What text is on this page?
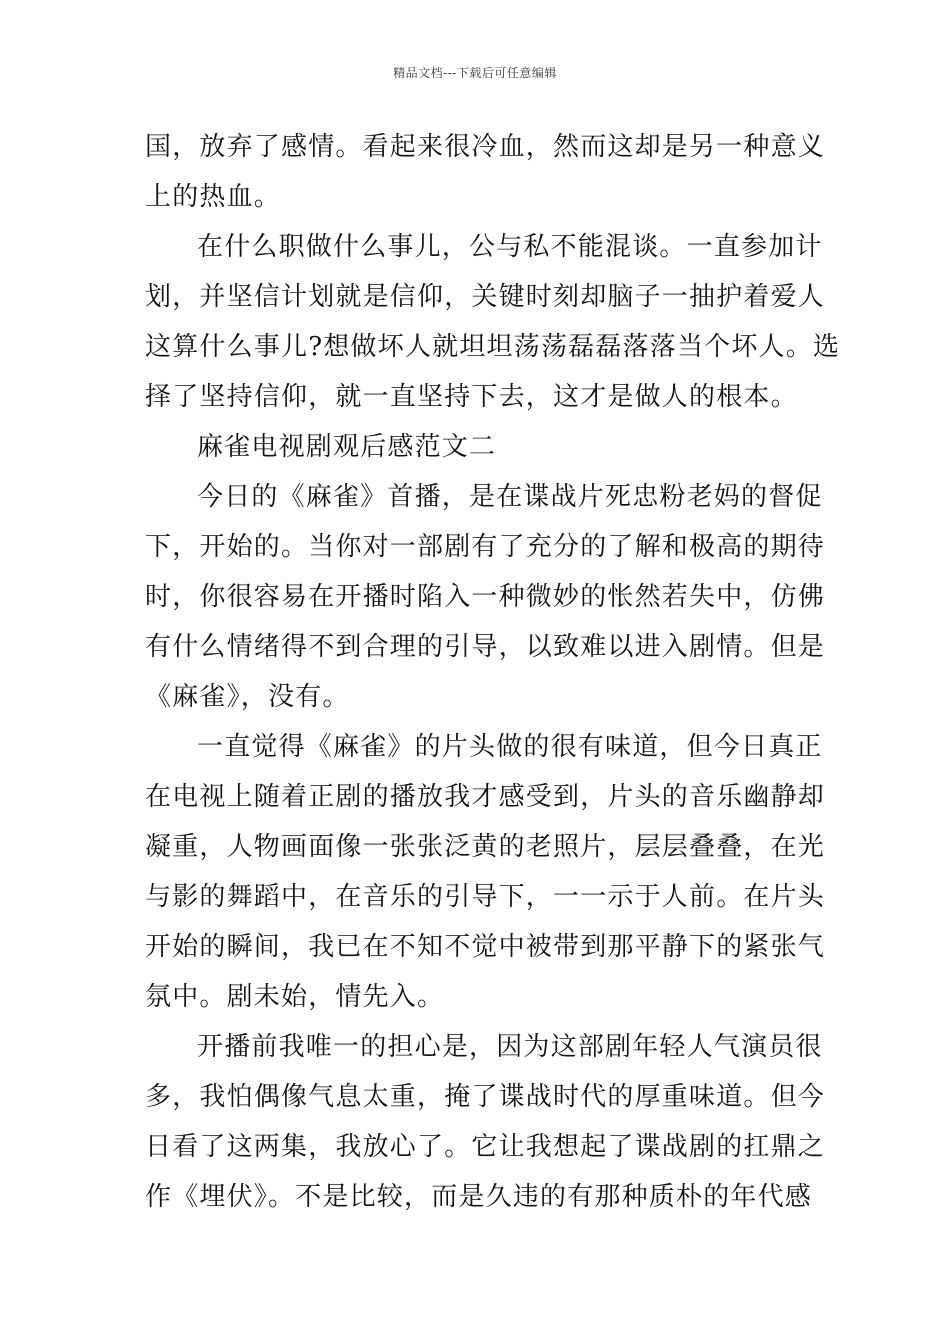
精品文档---下载后可任意编辑
国，放弃了感情。看起来很冷血，然而这却是另一种意义
上的热血。
在什么职做什么事儿，公与私不能混谈。一直参加计
划，并坚信计划就是信仰，关键时刻却脑子一抽护着爱人
这算什么事儿?想做坏人就坦坦荡荡磊磊落落当个坏人。选
择了坚持信仰，就一直坚持下去，这才是做人的根本。
麻雀电视剧观后感范文二
今日的《麻雀》首播，是在谍战片死忠粉老妈的督促
下，开始的。当你对一部剧有了充分的了解和极高的期待
时，你很容易在开播时陷入一种微妙的怅然若失中，仿佛
有什么情绪得不到合理的引导，以致难以进入剧情。但是
《麻雀》，没有。
一直觉得《麻雀》的片头做的很有味道，但今日真正
在电视上随着正剧的播放我才感受到，片头的音乐幽静却
凝重，人物画面像一张张泛黄的老照片，层层叠叠，在光
与影的舞蹈中，在音乐的引导下，一一示于人前。在片头
开始的瞬间，我已在不知不觉中被带到那平静下的紧张气
氛中。剧未始，情先入。
开播前我唯一的担心是，因为这部剧年轻人气演员很
多，我怕偶像气息太重，掩了谍战时代的厚重味道。但今
日看了这两集，我放心了。它让我想起了谍战剧的扛鼎之
作《埋伏》。不是比较，而是久违的有那种质朴的年代感
